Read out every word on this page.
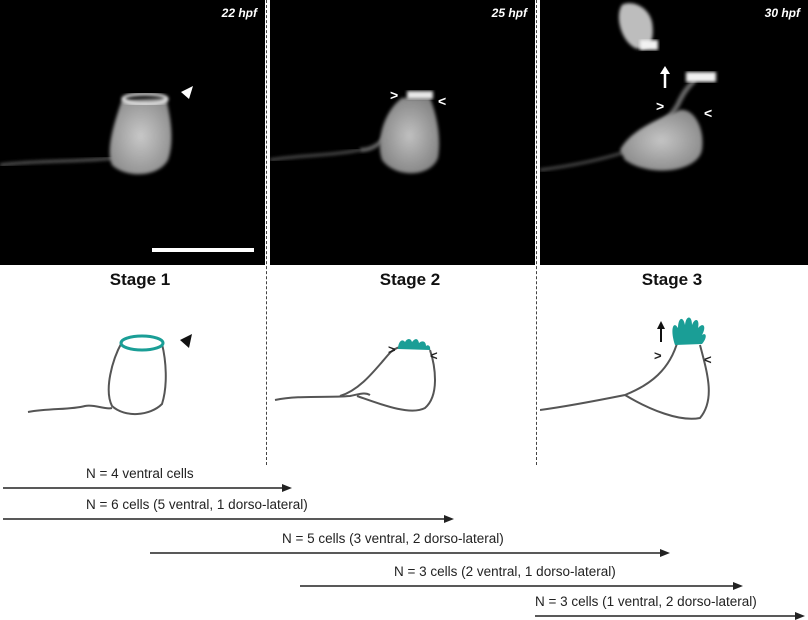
22 hpf
>	<
25 hpf
>	<
30 hpf
Stage 1	Stage 2	Stage 3
>	<	>	<
N = 4 ventral cells
N = 6 cells (5 ventral, 1 dorso-lateral)
N = 5 cells (3 ventral, 2 dorso-lateral)
N = 3 cells (2 ventral, 1 dorso-lateral)
N = 3 cells (1 ventral, 2 dorso-lateral)
